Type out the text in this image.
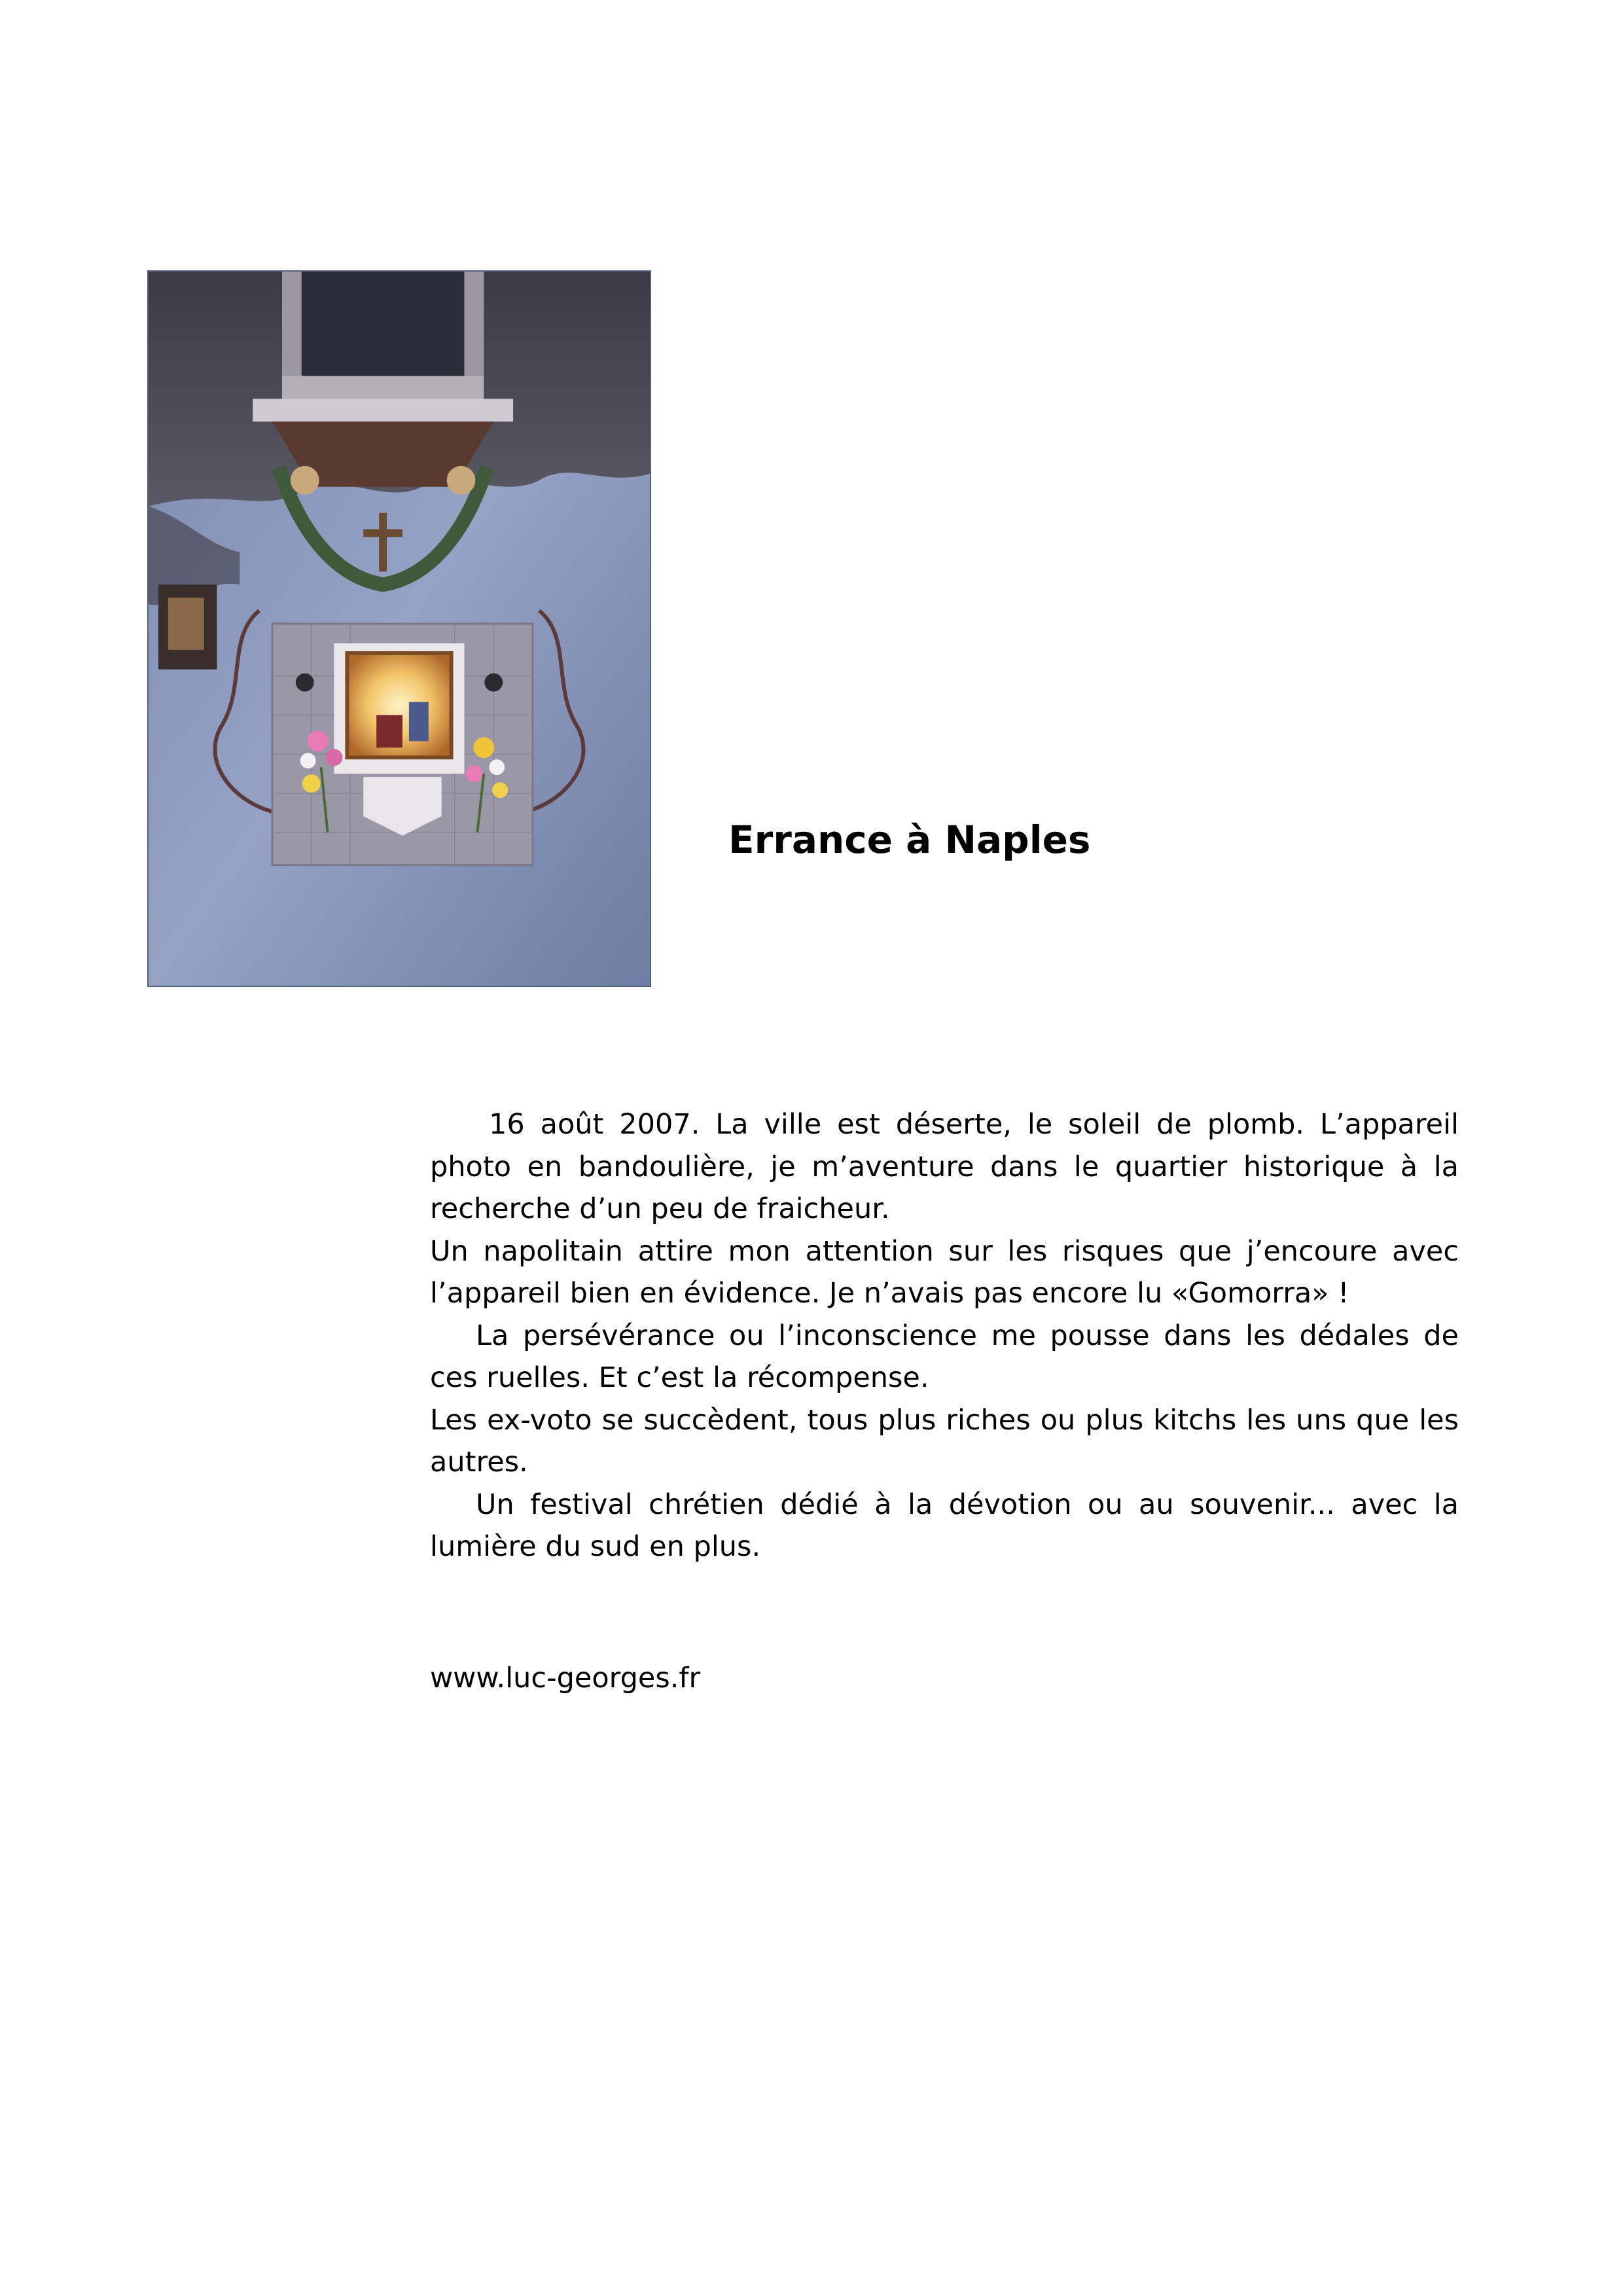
Errance à Naples

16 août 2007. La ville est déserte, le soleil de plomb. L’appareil photo en bandoulière, je m’aventure dans le quartier historique à la recherche d’un peu de fraicheur.

Un napolitain attire mon attention sur les risques que j’encoure avec l’appareil bien en évidence. Je n’avais pas encore lu «Gomorra» !

La persévérance ou l’inconscience me pousse dans les dédales de ces ruelles. Et c’est la récompense.

Les ex-voto se succèdent, tous plus riches ou plus kitchs les uns que les autres.

Un festival chrétien dédié à la dévotion ou au souvenir... avec la lumière du sud en plus.

www.luc-georges.fr
